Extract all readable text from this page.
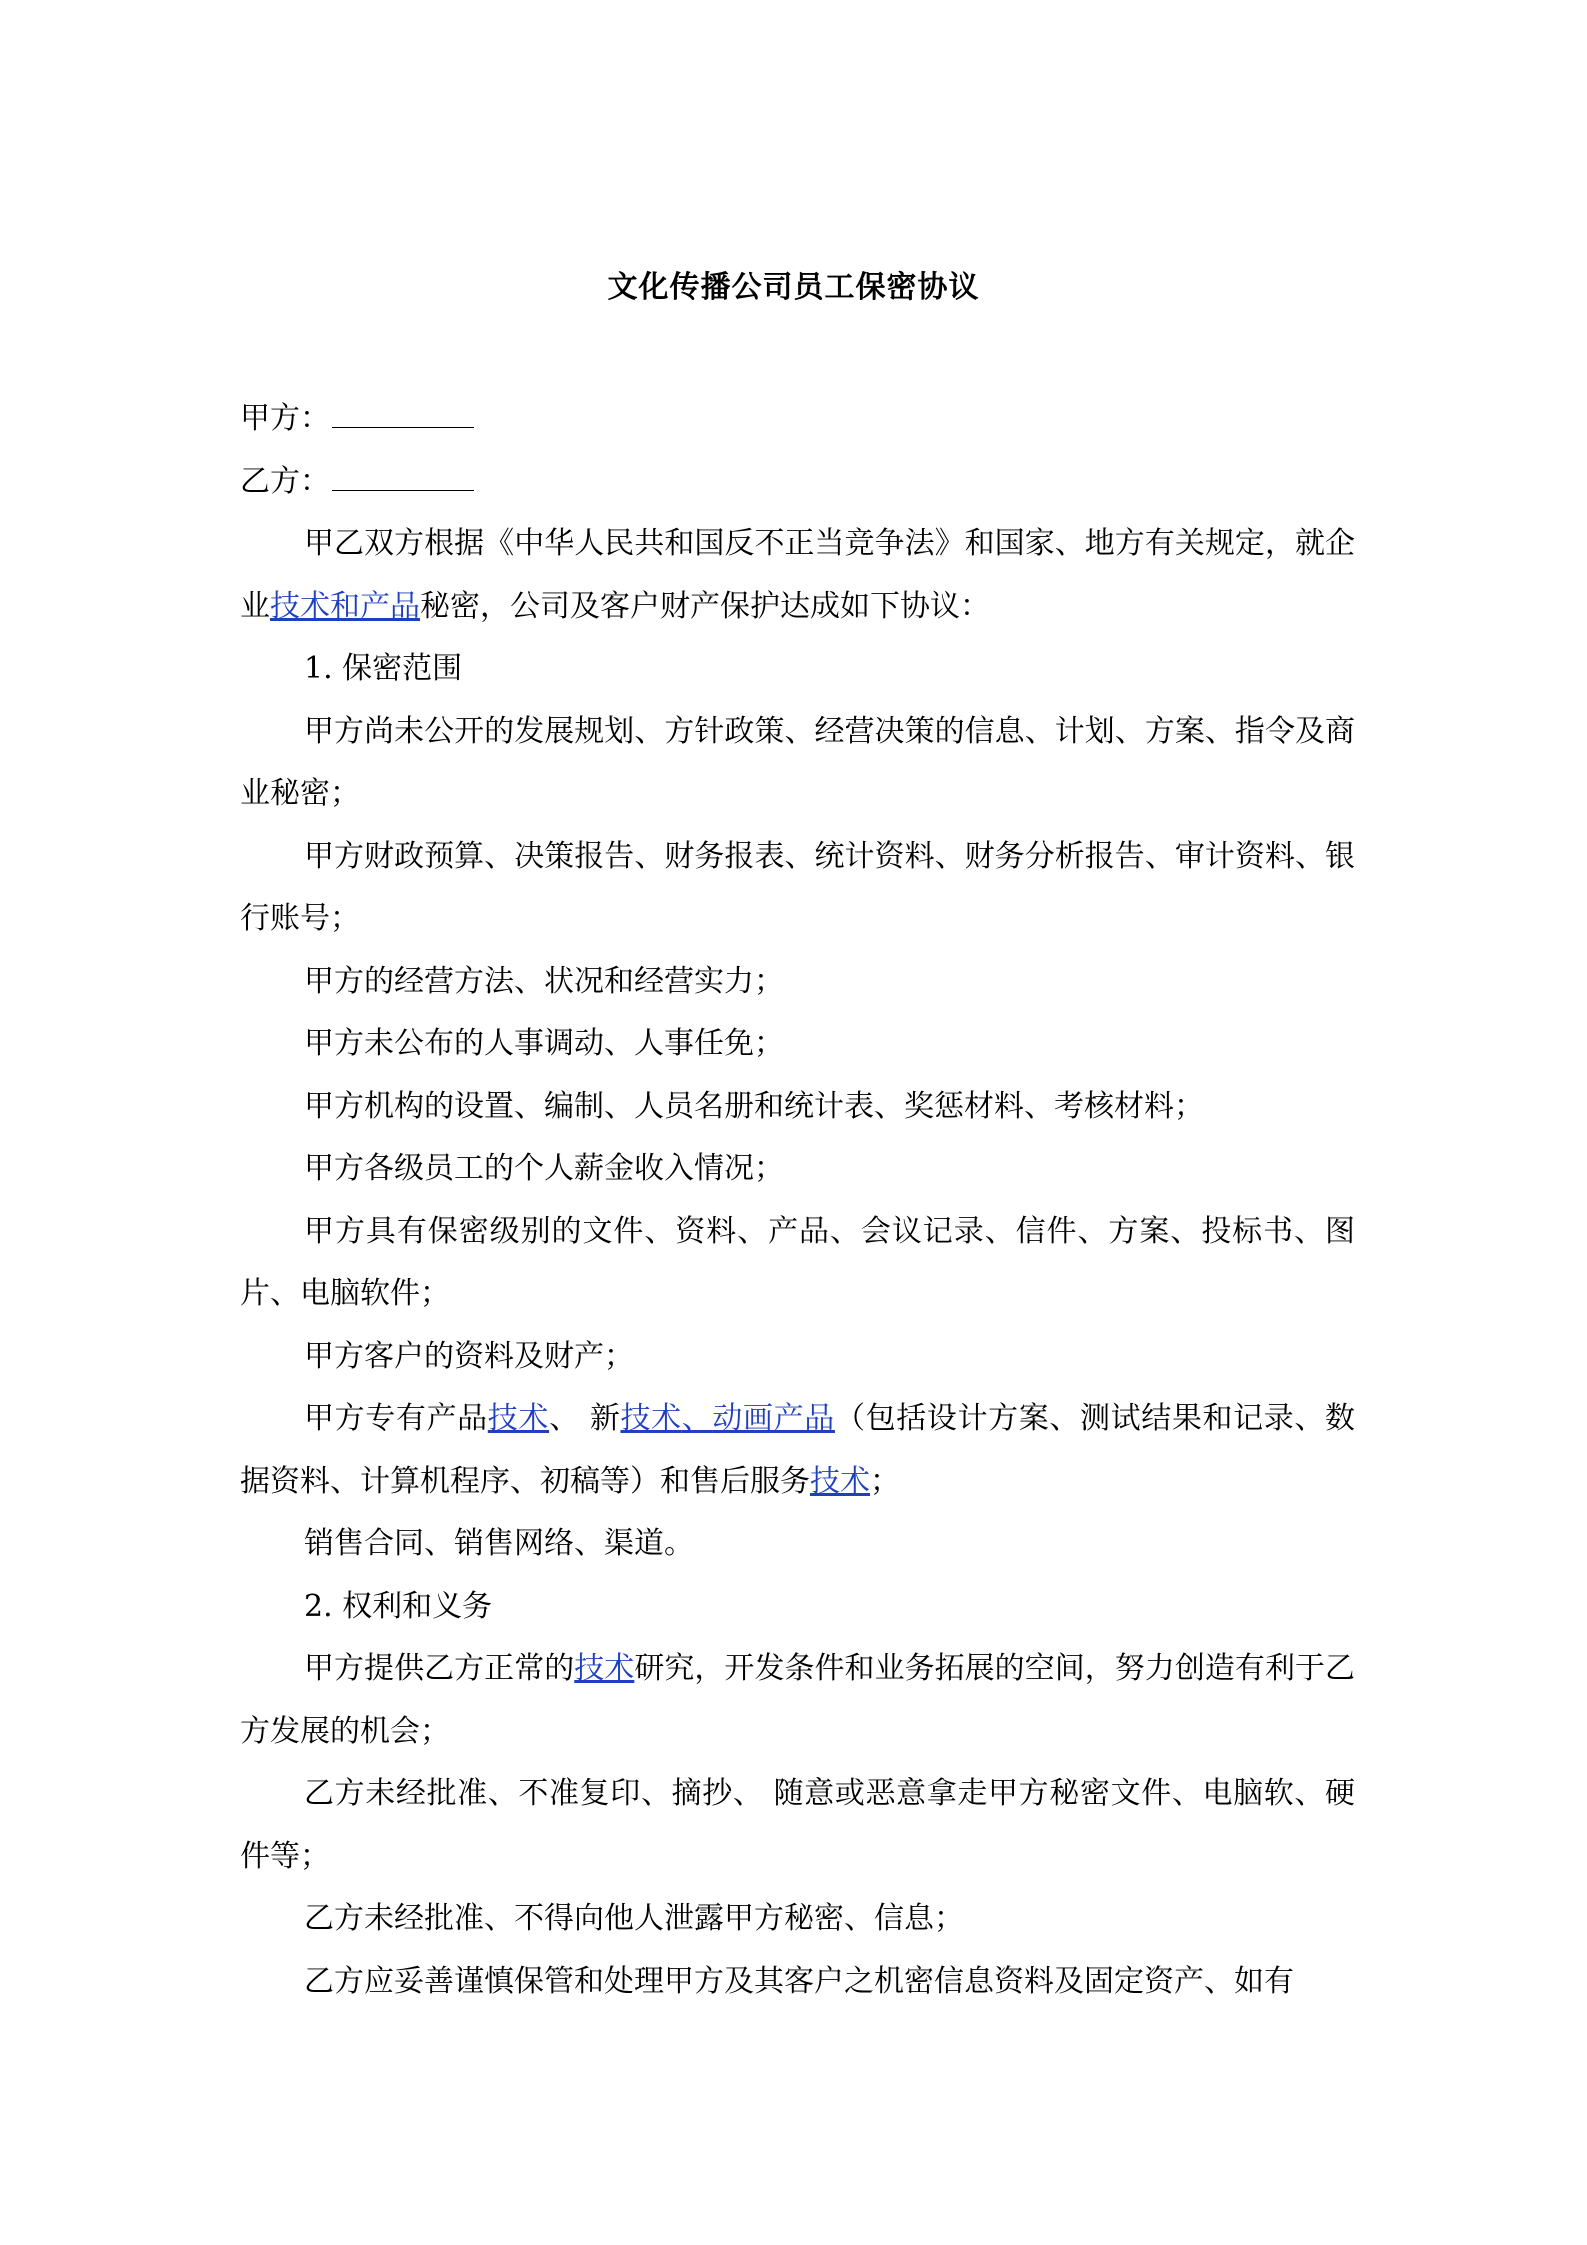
文化传播公司员工保密协议

甲方：

乙方：

甲乙双方根据《中华人民共和国反不正当竞争法》和国家、地方有关规定，就企业技术和产品秘密，公司及客户财产保护达成如下协议：

1. 保密范围

甲方尚未公开的发展规划、方针政策、经营决策的信息、计划、方案、指令及商业秘密；

甲方财政预算、决策报告、财务报表、统计资料、财务分析报告、审计资料、银行账号；

甲方的经营方法、状况和经营实力；

甲方未公布的人事调动、人事任免；

甲方机构的设置、编制、人员名册和统计表、奖惩材料、考核材料；

甲方各级员工的个人薪金收入情况；

甲方具有保密级别的文件、资料、产品、会议记录、信件、方案、投标书、图片、电脑软件；

甲方客户的资料及财产；

甲方专有产品技术、 新技术、动画产品（包括设计方案、测试结果和记录、数据资料、计算机程序、初稿等）和售后服务技术；

销售合同、销售网络、渠道。

2. 权利和义务

甲方提供乙方正常的技术研究，开发条件和业务拓展的空间，努力创造有利于乙方发展的机会；

乙方未经批准、不准复印、摘抄、 随意或恶意拿走甲方秘密文件、电脑软、硬件等；

乙方未经批准、不得向他人泄露甲方秘密、信息；

乙方应妥善谨慎保管和处理甲方及其客户之机密信息资料及固定资产、如有
